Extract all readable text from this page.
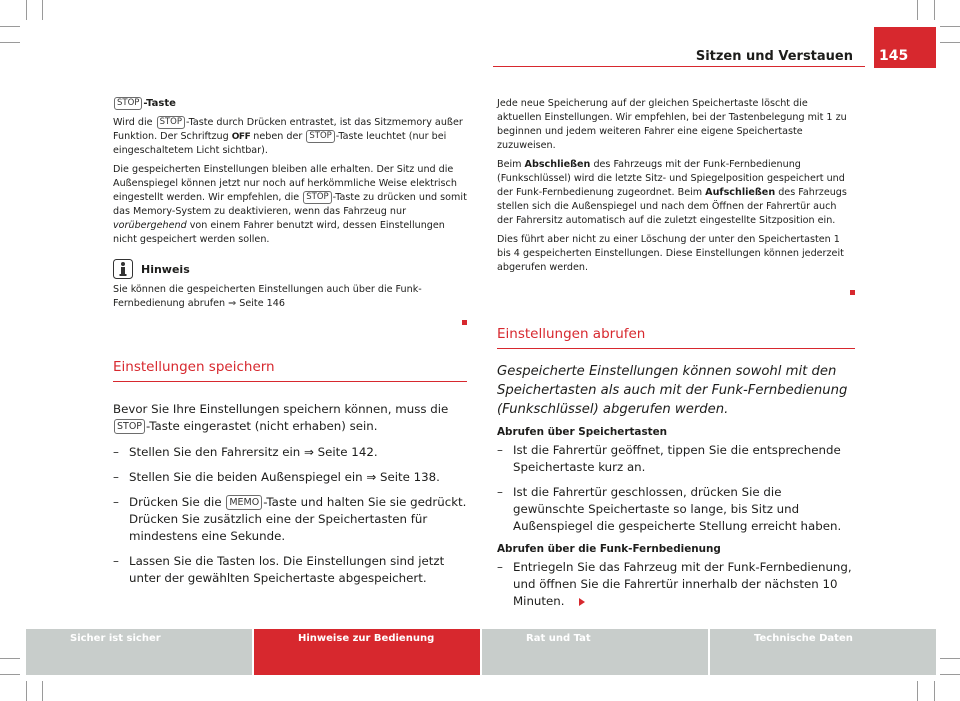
Sitzen und Verstauen 145

STOP -Taste

Wird die STOP -Taste durch Drücken entrastet, ist das Sitzmemory außer Funktion. Der Schriftzug OFF neben der STOP -Taste leuchtet (nur bei eingeschaltetem Licht sichtbar).

Die gespeicherten Einstellungen bleiben alle erhalten. Der Sitz und die Außenspiegel können jetzt nur noch auf herkömmliche Weise elektrisch eingestellt werden. Wir empfehlen, die STOP -Taste zu drücken und somit das Memory-System zu deaktivieren, wenn das Fahrzeug nur vorübergehend von einem Fahrer benutzt wird, dessen Einstellungen nicht gespeichert werden sollen.

Hinweis

Sie können die gespeicherten Einstellungen auch über die Funk-Fernbedienung abrufen ⇒ Seite 146

Einstellungen speichern

Bevor Sie Ihre Einstellungen speichern können, muss die STOP -Taste eingerastet (nicht erhaben) sein.

– Stellen Sie den Fahrersitz ein ⇒ Seite 142.
– Stellen Sie die beiden Außenspiegel ein ⇒ Seite 138.
– Drücken Sie die MEMO -Taste und halten Sie sie gedrückt. Drücken Sie zusätzlich eine der Speichertasten für mindestens eine Sekunde.
– Lassen Sie die Tasten los. Die Einstellungen sind jetzt unter der gewählten Speichertaste abgespeichert.

Jede neue Speicherung auf der gleichen Speichertaste löscht die aktuellen Einstellungen. Wir empfehlen, bei der Tastenbelegung mit 1 zu beginnen und jedem weiteren Fahrer eine eigene Speichertaste zuzuweisen.

Beim Abschließen des Fahrzeugs mit der Funk-Fernbedienung (Funkschlüssel) wird die letzte Sitz- und Spiegelposition gespeichert und der Funk-Fernbedienung zugeordnet. Beim Aufschließen des Fahrzeugs stellen sich die Außenspiegel und nach dem Öffnen der Fahrertür auch der Fahrersitz automatisch auf die zuletzt eingestellte Sitzposition ein.

Dies führt aber nicht zu einer Löschung der unter den Speichertasten 1 bis 4 gespeicherten Einstellungen. Diese Einstellungen können jederzeit abgerufen werden.

Einstellungen abrufen

Gespeicherte Einstellungen können sowohl mit den Speichertasten als auch mit der Funk-Fernbedienung (Funkschlüssel) abgerufen werden.

Abrufen über Speichertasten

– Ist die Fahrertür geöffnet, tippen Sie die entsprechende Speichertaste kurz an.
– Ist die Fahrertür geschlossen, drücken Sie die gewünschte Speichertaste so lange, bis Sitz und Außenspiegel die gespeicherte Stellung erreicht haben.

Abrufen über die Funk-Fernbedienung

– Entriegeln Sie das Fahrzeug mit der Funk-Fernbedienung, und öffnen Sie die Fahrertür innerhalb der nächsten 10 Minuten.
Sicher ist sicher	Hinweise zur Bedienung	Rat und Tat	Technische Daten
